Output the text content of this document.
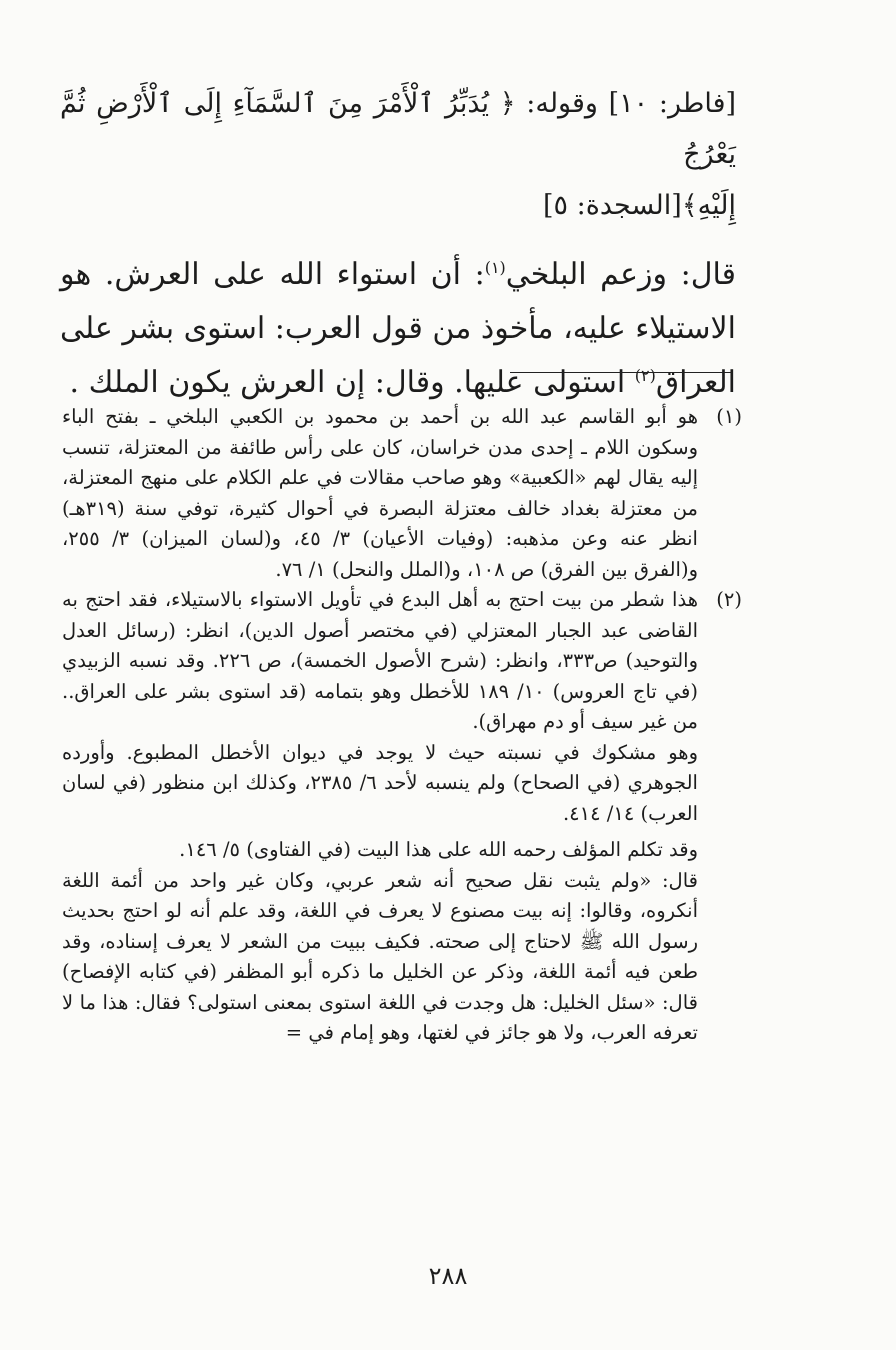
[فاطر: ١٠] وقوله: ﴿ يُدَبِّرُ ٱلْأَمْرَ مِنَ ٱلسَّمَآءِ إِلَى ٱلْأَرْضِ ثُمَّ يَعْرُجُ
إِلَيْهِ﴾[السجدة: ٥]

قال: وزعم البلخي$^{(١)}$: أن استواء الله على العرش. هو الاستيلاء عليه، مأخوذ من قول العرب: استوى بشر على العراق$^{(٢)}$ استولى عليها. وقال: إن العرش يكون الملك .

(١)

هو أبو القاسم عبد الله بن أحمد بن محمود بن الكعبي البلخي ـ بفتح الباء وسكون اللام ـ إحدى مدن خراسان، كان على رأس طائفة من المعتزلة، تنسب إليه يقال لهم «الكعبية» وهو صاحب مقالات في علم الكلام على منهج المعتزلة، من معتزلة بغداد خالف معتزلة البصرة في أحوال كثيرة، توفي سنة (٣١٩هـ) انظر عنه وعن مذهبه: (وفيات الأعيان) ٣/ ٤٥، و(لسان الميزان) ٣/ ٢٥٥، و(الفرق بين الفرق) ص ١٠٨، و(الملل والنحل) ١/ ٧٦.

(٢)

هذا شطر من بيت احتج به أهل البدع في تأويل الاستواء بالاستيلاء، فقد احتج به القاضى عبد الجبار المعتزلي (في مختصر أصول الدين)، انظر: (رسائل العدل والتوحيد) ص٣٣٣، وانظر: (شرح الأصول الخمسة)، ص ٢٢٦. وقد نسبه الزبيدي (في تاج العروس) ١٠/ ١٨٩ للأخطل وهو بتمامه (قد استوى بشر على العراق.. من غير سيف أو دم مهراق).

وهو مشكوك في نسبته حيث لا يوجد في ديوان الأخطل المطبوع. وأورده الجوهري (في الصحاح) ولم ينسبه لأحد ٦/ ٢٣٨٥، وكذلك ابن منظور (في لسان العرب) ١٤/ ٤١٤.

وقد تكلم المؤلف رحمه الله على هذا البيت (في الفتاوى) ٥/ ١٤٦.

قال: «ولم يثبت نقل صحيح أنه شعر عربي، وكان غير واحد من أئمة اللغة أنكروه، وقالوا: إنه بيت مصنوع لا يعرف في اللغة، وقد علم أنه لو احتج بحديث رسول الله ﷺ لاحتاج إلى صحته. فكيف ببيت من الشعر لا يعرف إسناده، وقد طعن فيه أئمة اللغة، وذكر عن الخليل ما ذكره أبو المظفر (في كتابه الإفصاح) قال: «سئل الخليل: هل وجدت في اللغة استوى بمعنى استولى؟ فقال: هذا ما لا تعرفه العرب، ولا هو جائز في لغتها، وهو إمام في =

٢٨٨
